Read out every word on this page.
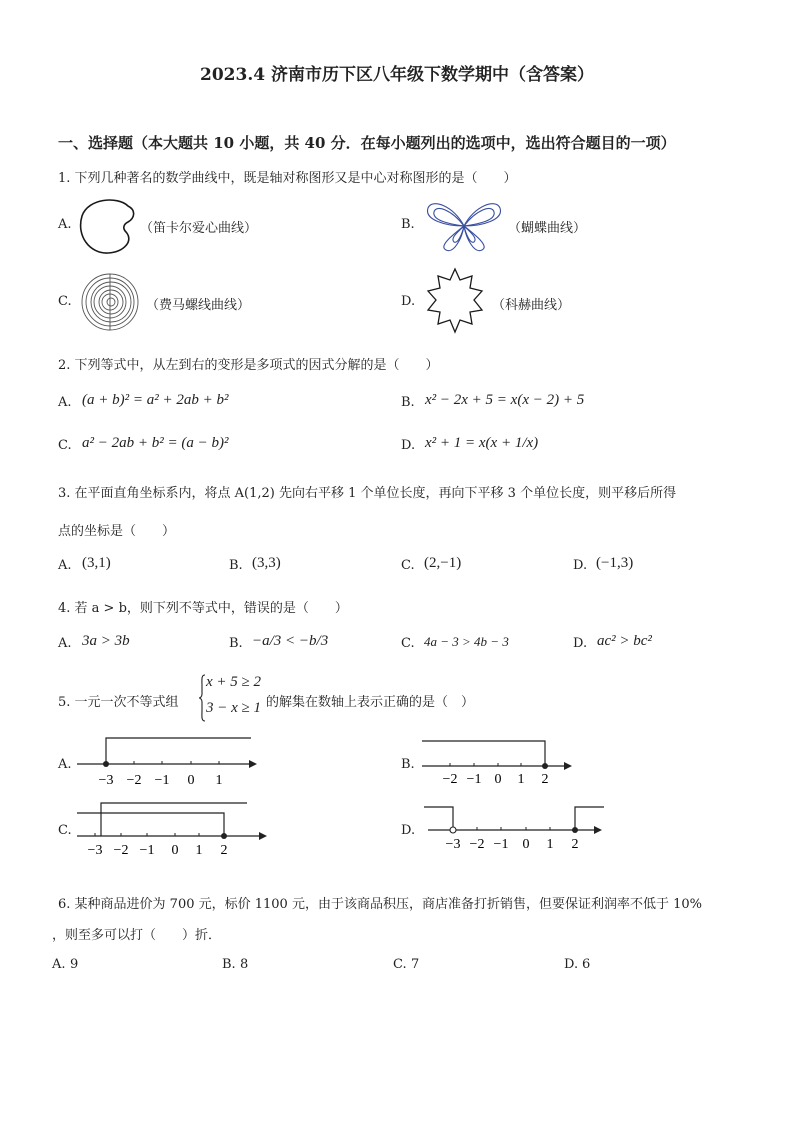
2023.4 济南市历下区八年级下数学期中（含答案）
一、选择题（本大题共 10 小题，共 40 分．在每小题列出的选项中，选出符合题目的一项）
1. 下列几种著名的数学曲线中，既是轴对称图形又是中心对称图形的是（　　）
A.	（笛卡尔爱心曲线）	B.	（蝴蝶曲线）
C.	（费马螺线曲线）	D.	（科赫曲线）
2. 下列等式中，从左到右的变形是多项式的因式分解的是（　　）
A. (a + b)² = a² + 2ab + b²	B. x² − 2x + 5 = x(x − 2) + 5
C. a² − 2ab + b² = (a − b)²	D. x² + 1 = x(x + 1/x)
3. 在平面直角坐标系内，将点 A(1,2) 先向右平移 1 个单位长度，再向下平移 3 个单位长度，则平移后所得
点的坐标是（　　）
A. (3,1)	B. (3,3)	C. (2,−1)	D. (−1,3)
4. 若 a > b，则下列不等式中，错误的是（　　）
A. 3a > 3b	B. −a/3 < −b/3	C. 4a − 3 > 4b − 3	D. ac² > bc²
5. 一元一次不等式组
x + 5 ≥ 2
3 − x ≥ 1 的解集在数轴上表示正确的是（　）
A.
−3 −2 −1 0 1
B.
−2 −1 0 1 2
C.
−3 −2 −1 0 1 2
D.
−3 −2 −1 0 1 2
6. 某种商品进价为 700 元，标价 1100 元，由于该商品积压，商店准备打折销售，但要保证利润率不低于 10%
，则至多可以打（　　）折．
A. 9	B. 8	C. 7	D. 6
